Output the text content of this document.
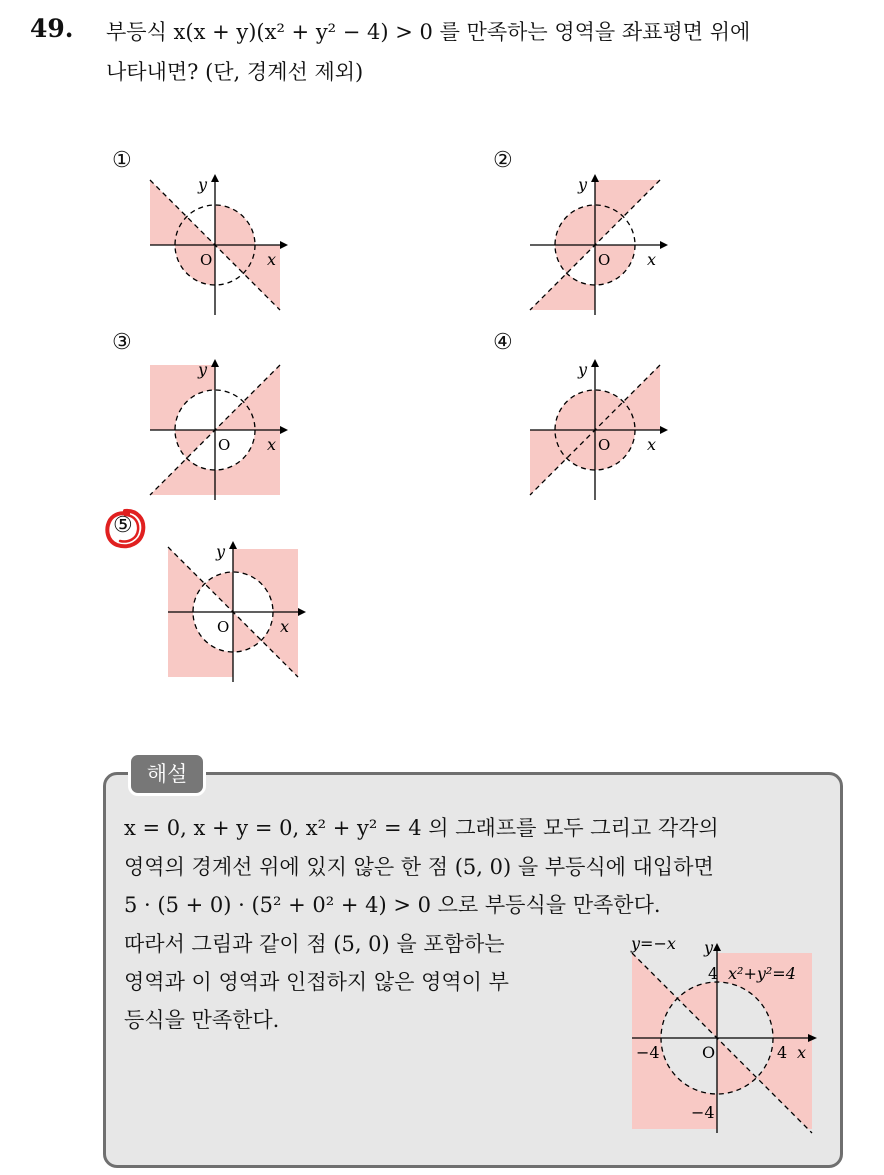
49. 부등식 x(x + y)(x² + y² − 4) > 0 를 만족하는 영역을 좌표평면 위에
나타내면? (단, 경계선 제외)
①
x
y
O
②
x
y
O
③
x
y
O
④
x
y
O
⑤
x
y
O
해설
x = 0, x + y = 0, x² + y² = 4 의 그래프를 모두 그리고 각각의
영역의 경계선 위에 있지 않은 한 점 (5, 0) 을 부등식에 대입하면
5 · (5 + 0) · (5² + 0² + 4) > 0 으로 부등식을 만족한다.
따라서 그림과 같이 점 (5, 0) 을 포함하는
영역과 이 영역과 인접하지 않은 영역이 부
등식을 만족한다.
y=−x y
4 x²+y²=4
−4	O	4 x
−4
